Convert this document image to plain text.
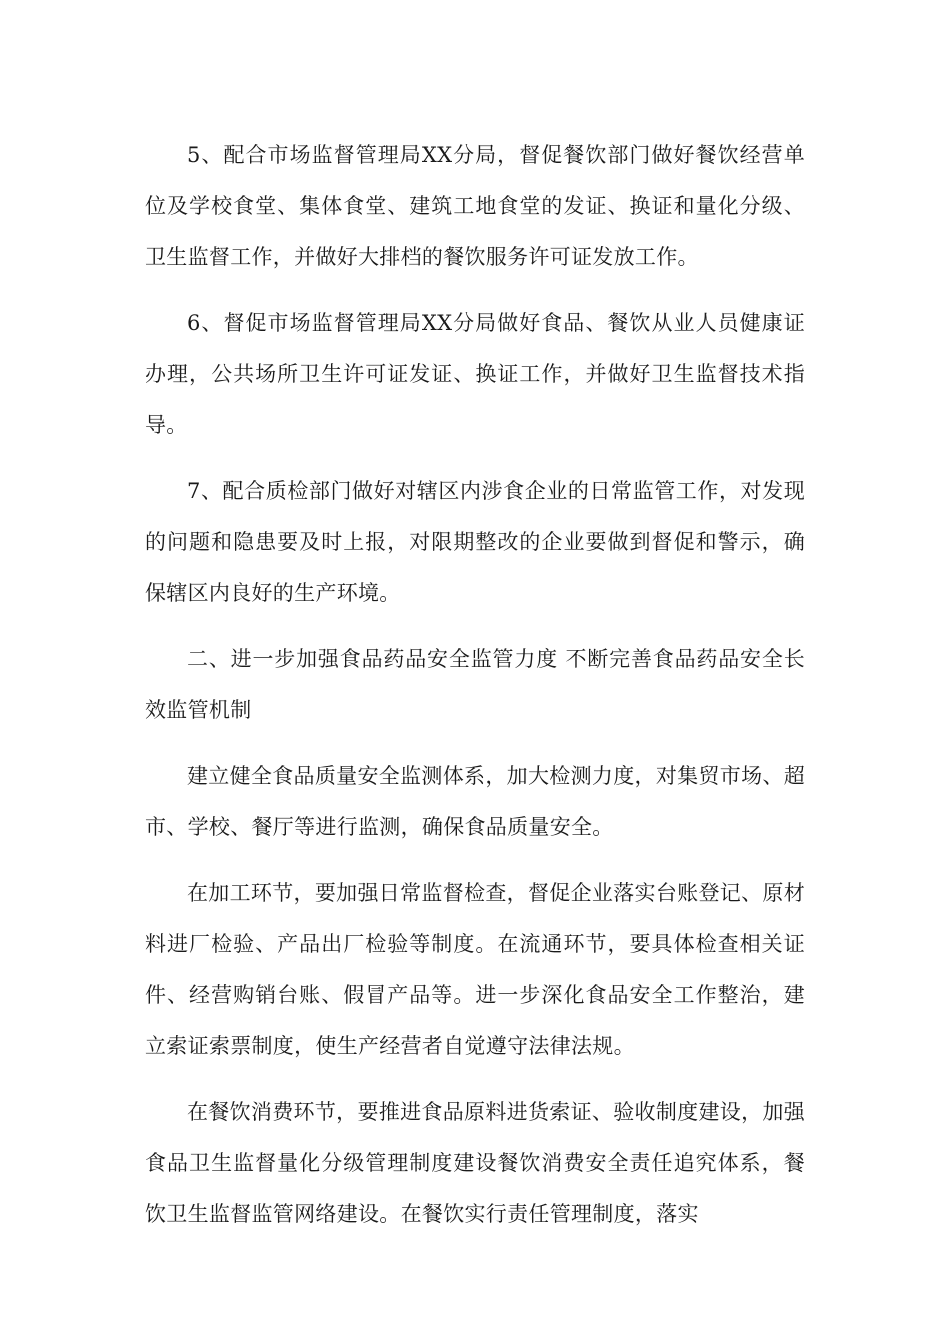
5、配合市场监督管理局XX分局，督促餐饮部门做好餐饮经营单位及学校食堂、集体食堂、建筑工地食堂的发证、换证和量化分级、卫生监督工作，并做好大排档的餐饮服务许可证发放工作。

6、督促市场监督管理局XX分局做好食品、餐饮从业人员健康证办理，公共场所卫生许可证发证、换证工作，并做好卫生监督技术指导。

7、配合质检部门做好对辖区内涉食企业的日常监管工作，对发现的问题和隐患要及时上报，对限期整改的企业要做到督促和警示，确保辖区内良好的生产环境。

二、进一步加强食品药品安全监管力度 不断完善食品药品安全长效监管机制

建立健全食品质量安全监测体系，加大检测力度，对集贸市场、超市、学校、餐厅等进行监测，确保食品质量安全。

在加工环节，要加强日常监督检查，督促企业落实台账登记、原材料进厂检验、产品出厂检验等制度。在流通环节，要具体检查相关证件、经营购销台账、假冒产品等。进一步深化食品安全工作整治，建立索证索票制度，使生产经营者自觉遵守法律法规。

在餐饮消费环节，要推进食品原料进货索证、验收制度建设，加强食品卫生监督量化分级管理制度建设餐饮消费安全责任追究体系，餐饮卫生监督监管网络建设。在餐饮实行责任管理制度，落实
